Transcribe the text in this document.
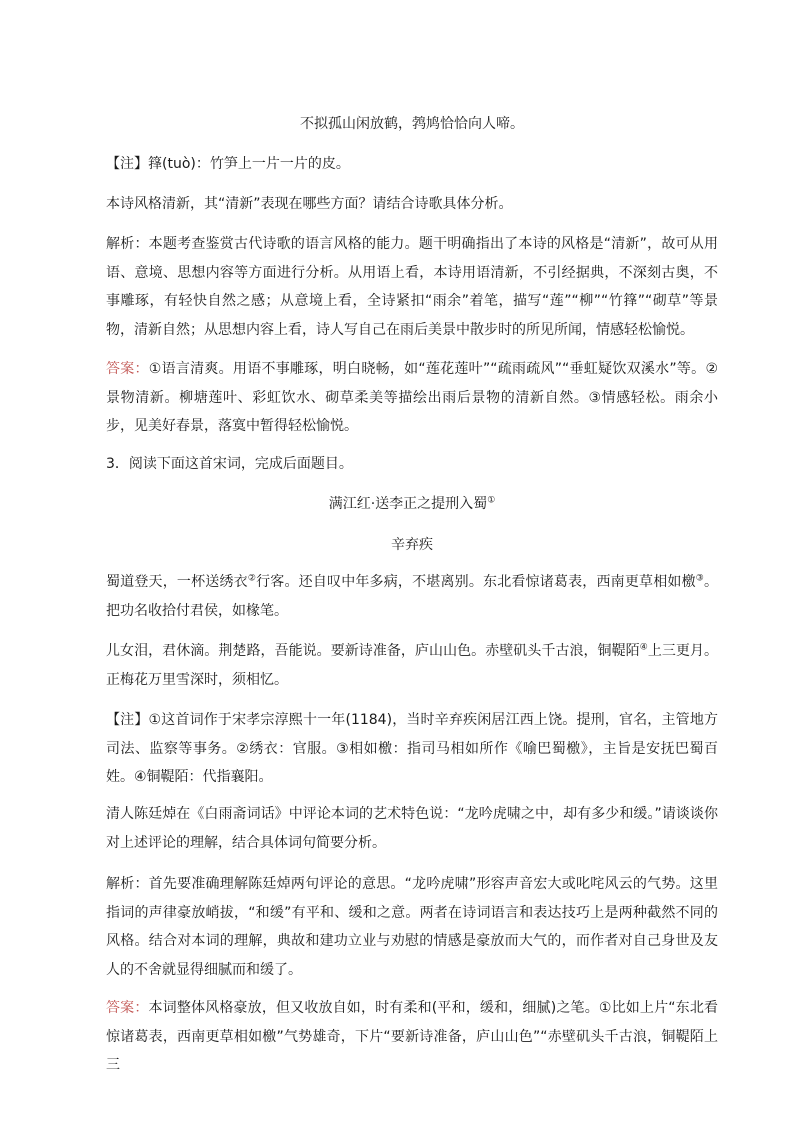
不拟孤山闲放鹤，鹁鸠恰恰向人啼。

【注】箨(tuò)：竹笋上一片一片的皮。

本诗风格清新，其“清新”表现在哪些方面？请结合诗歌具体分析。

解析：本题考查鉴赏古代诗歌的语言风格的能力。题干明确指出了本诗的风格是“清新”，故可从用语、意境、思想内容等方面进行分析。从用语上看，本诗用语清新，不引经据典，不深刻古奥，不事雕琢，有轻快自然之感；从意境上看，全诗紧扣“雨余”着笔，描写“莲”“柳”“竹箨”“砌草”等景物，清新自然；从思想内容上看，诗人写自己在雨后美景中散步时的所见所闻，情感轻松愉悦。

答案：①语言清爽。用语不事雕琢，明白晓畅，如“莲花莲叶”“疏雨疏风”“垂虹疑饮双溪水”等。②景物清新。柳塘莲叶、彩虹饮水、砌草柔美等描绘出雨后景物的清新自然。③情感轻松。雨余小步，见美好春景，落寞中暂得轻松愉悦。

3．阅读下面这首宋词，完成后面题目。

满江红·送李正之提刑入蜀①

辛弃疾

蜀道登天，一杯送绣衣②行客。还自叹中年多病，不堪离别。东北看惊诸葛表，西南更草相如檄③。把功名收拾付君侯，如椽笔。

儿女泪，君休滴。荆楚路，吾能说。要新诗准备，庐山山色。赤壁矶头千古浪，铜鞮陌④上三更月。正梅花万里雪深时，须相忆。

【注】①这首词作于宋孝宗淳熙十一年(1184)，当时辛弃疾闲居江西上饶。提刑，官名，主管地方司法、监察等事务。②绣衣：官服。③相如檄：指司马相如所作《喻巴蜀檄》，主旨是安抚巴蜀百姓。④铜鞮陌：代指襄阳。

清人陈廷焯在《白雨斋词话》中评论本词的艺术特色说：“龙吟虎啸之中，却有多少和缓。”请谈谈你对上述评论的理解，结合具体词句简要分析。

解析：首先要准确理解陈廷焯两句评论的意思。“龙吟虎啸”形容声音宏大或叱咤风云的气势。这里指词的声律豪放峭拔，“和缓”有平和、缓和之意。两者在诗词语言和表达技巧上是两种截然不同的风格。结合对本词的理解，典故和建功立业与劝慰的情感是豪放而大气的，而作者对自己身世及友人的不舍就显得细腻而和缓了。

答案：本词整体风格豪放，但又收放自如，时有柔和(平和，缓和，细腻)之笔。①比如上片“东北看惊诸葛表，西南更草相如檄”气势雄奇，下片“要新诗准备，庐山山色”“赤壁矶头千古浪，铜鞮陌上三
